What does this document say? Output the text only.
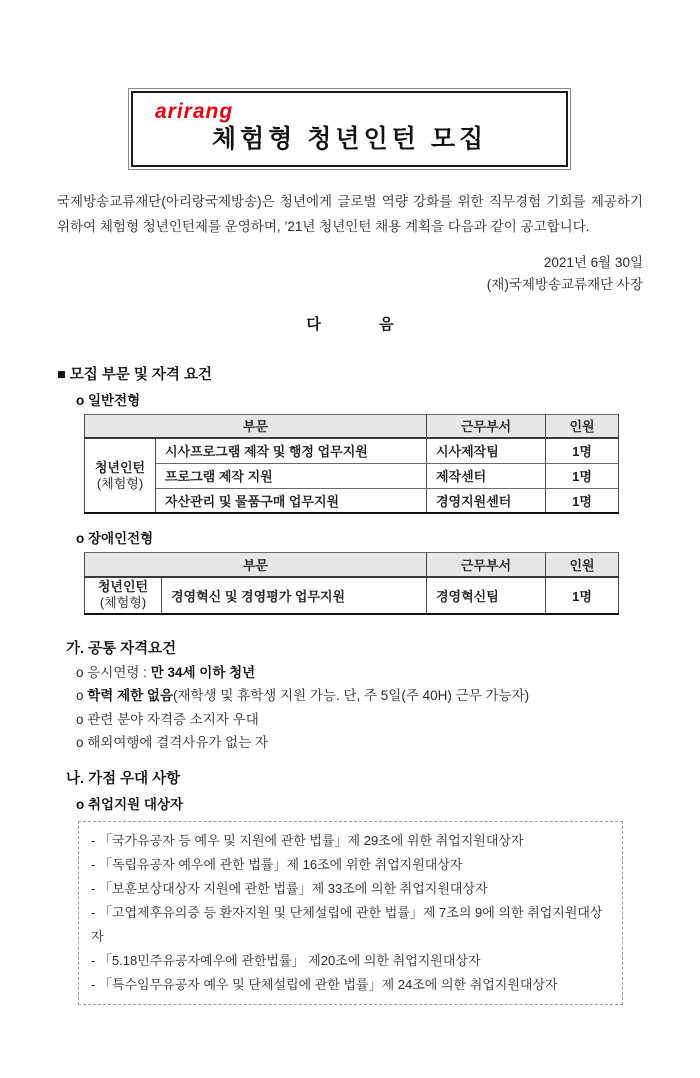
arirang
체험형 청년인턴 모집

국제방송교류재단(아리랑국제방송)은 청년에게 글로벌 역량 강화를 위한 직무경험 기회를 제공하기 위하여 체험형 청년인턴제를 운영하며, ’21년 청년인턴 채용 계획을 다음과 같이 공고합니다.

2021년 6월 30일
(재)국제방송교류재단 사장
다              음
■ 모집 부문 및 자격 요건
o 일반전형
부문		근무부서	인원
청년인턴
(체험형)	시사프로그램 제작 및 행정 업무지원	시사제작팀	1명
	프로그램 제작 지원	제작센터	1명
	자산관리 및 물품구매 업무지원	경영지원센터	1명
o 장애인전형
부문		근무부서	인원
청년인턴
(체험형)	경영혁신 및 경영평가 업무지원	경영혁신팀	1명
가. 공통 자격요건
o 응시연령 : 만 34세 이하 청년
o 학력 제한 없음(재학생 및 휴학생 지원 가능. 단, 주 5일(주 40H) 근무 가능자)
o 관련 분야 자격증 소지자 우대
o 해외여행에 결격사유가 없는 자
나. 가점 우대 사항
o 취업지원 대상자
- 「국가유공자 등 예우 및 지원에 관한 법률」제 29조에 위한 취업지원대상자
- 「독립유공자 예우에 관한 법률」제 16조에 위한 취업지원대상자
- 「보훈보상대상자 지원에 관한 법률」제 33조에 의한 취업지원대상자
- 「고엽제후유의증 등 환자지원 및 단체설립에 관한 법률」제 7조의 9에 의한 취업지원대상자
- 「5.18민주유공자예우에 관한법률」 제20조에 의한 취업지원대상자
- 「특수임무유공자 예우 및 단체설립에 관한 법률」제 24조에 의한 취업지원대상자
